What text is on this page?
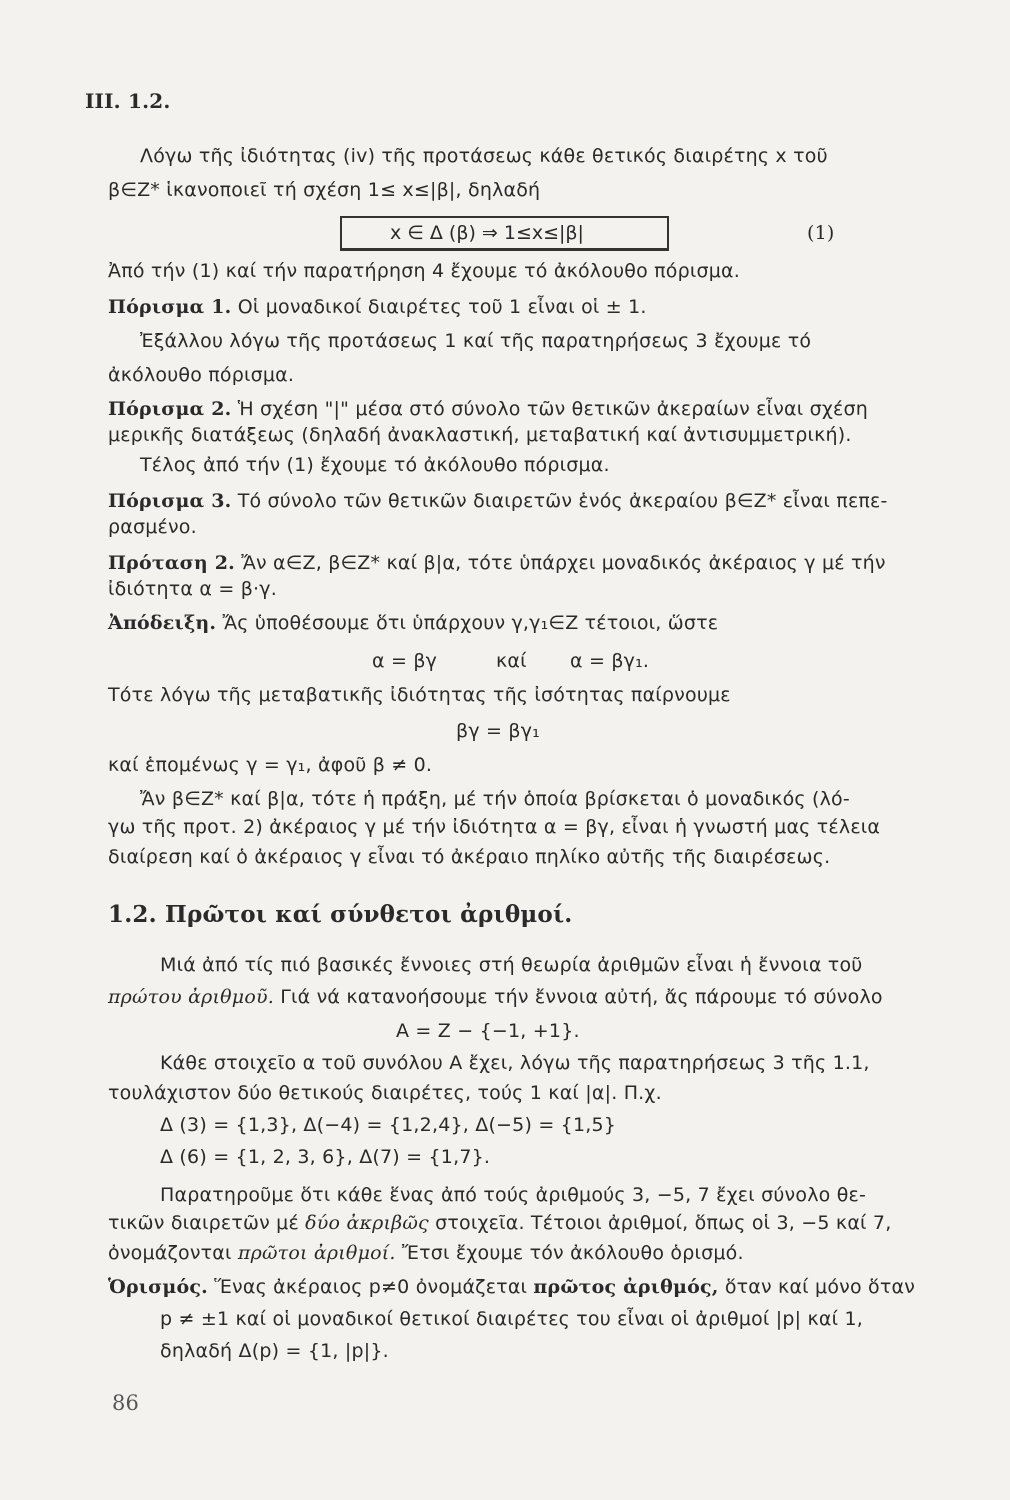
III. 1.2.
Λόγω τῆς ἰδιότητας (iv) τῆς προτάσεως κάθε θετικός διαιρέτης x τοῦ
β∈Z* ἱκανοποιεῖ τή σχέση 1≤ x≤|β|, δηλαδή
x ∈ Δ (β) ⇒ 1≤x≤|β|	(1)
Ἀπό τήν (1) καί τήν παρατήρηση 4 ἔχουμε τό ἀκόλουθο πόρισμα.
Πόρισμα 1. Οἱ μοναδικοί διαιρέτες τοῦ 1 εἶναι οἱ ± 1.
Ἐξάλλου λόγω τῆς προτάσεως 1 καί τῆς παρατηρήσεως 3 ἔχουμε τό
ἀκόλουθο πόρισμα.
Πόρισμα 2. Ἡ σχέση "|" μέσα στό σύνολο τῶν θετικῶν ἀκεραίων εἶναι σχέση
μερικῆς διατάξεως (δηλαδή ἀνακλαστική, μεταβατική καί ἀντισυμμετρική).
Τέλος ἀπό τήν (1) ἔχουμε τό ἀκόλουθο πόρισμα.
Πόρισμα 3. Τό σύνολο τῶν θετικῶν διαιρετῶν ἑνός ἀκεραίου β∈Z* εἶναι πεπε-
ρασμένο.
Πρόταση 2. Ἄν α∈Z, β∈Z* καί β|α, τότε ὑπάρχει μοναδικός ἀκέραιος γ μέ τήν
ἰδιότητα α = β·γ.
Ἀπόδειξη. Ἄς ὑποθέσουμε ὅτι ὑπάρχουν γ,γ₁∈Z τέτοιοι, ὥστε
α = βγ	καί α = βγ₁.
Τότε λόγω τῆς μεταβατικῆς ἰδιότητας τῆς ἰσότητας παίρνουμε
βγ = βγ₁
καί ἑπομένως γ = γ₁, ἀφοῦ β ≠ 0.
Ἄν β∈Z* καί β|α, τότε ἡ πράξη, μέ τήν ὁποία βρίσκεται ὁ μοναδικός (λό-
γω τῆς προτ. 2) ἀκέραιος γ μέ τήν ἰδιότητα α = βγ, εἶναι ἡ γνωστή μας τέλεια
διαίρεση καί ὁ ἀκέραιος γ εἶναι τό ἀκέραιο πηλίκο αὐτῆς τῆς διαιρέσεως.
1.2. Πρῶτοι καί σύνθετοι ἀριθμοί.
Μιά ἀπό τίς πιό βασικές ἔννοιες στή θεωρία ἀριθμῶν εἶναι ἡ ἔννοια τοῦ
πρώτου ἀριθμοῦ. Γιά νά κατανοήσουμε τήν ἔννοια αὐτή, ἄς πάρουμε τό σύνολο
A = Z − {−1, +1}.
Κάθε στοιχεῖο α τοῦ συνόλου A ἔχει, λόγω τῆς παρατηρήσεως 3 τῆς 1.1,
τουλάχιστον δύο θετικούς διαιρέτες, τούς 1 καί |α|. Π.χ.
Δ (3) = {1,3}, Δ(−4) = {1,2,4}, Δ(−5) = {1,5}
Δ (6) = {1, 2, 3, 6}, Δ(7) = {1,7}.
Παρατηροῦμε ὅτι κάθε ἕνας ἀπό τούς ἀριθμούς 3, −5, 7 ἔχει σύνολο θε-
τικῶν διαιρετῶν μέ δύο ἀκριβῶς στοιχεῖα. Τέτοιοι ἀριθμοί, ὅπως οἱ 3, −5 καί 7,
ὀνομάζονται πρῶτοι ἀριθμοί. Ἔτσι ἔχουμε τόν ἀκόλουθο ὁρισμό.
Ὁρισμός. Ἕνας ἀκέραιος p≠0 ὀνομάζεται πρῶτος ἀριθμός, ὅταν καί μόνο ὅταν
p ≠ ±1 καί οἱ μοναδικοί θετικοί διαιρέτες του εἶναι οἱ ἀριθμοί |p| καί 1,
δηλαδή Δ(p) = {1, |p|}.
86
